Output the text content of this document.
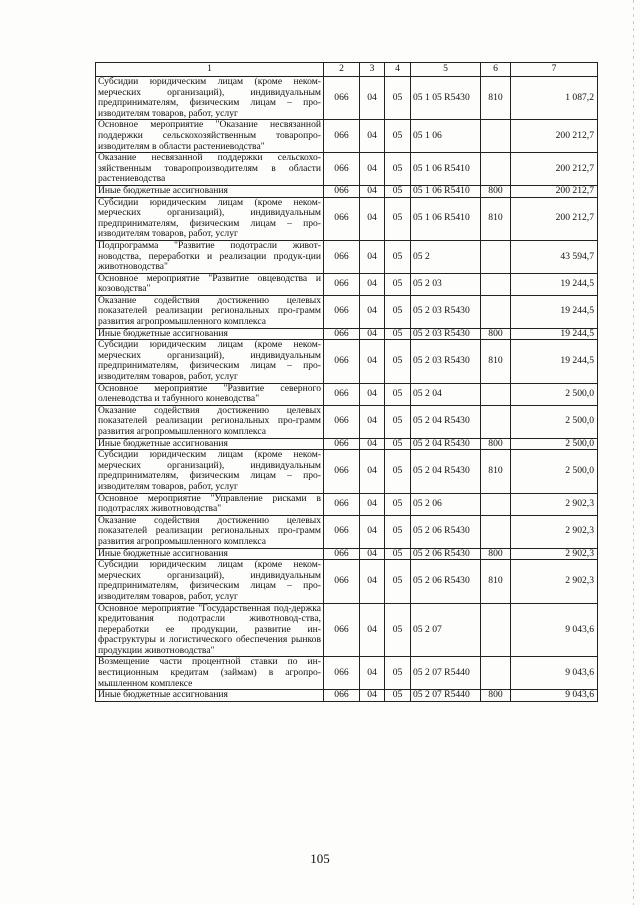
1	2	3	4	5	6	7
Субсидии юридическим лицам (кроме неком-мерческих организаций), индивидуальным предпринимателям, физическим лицам – про-изводителям товаров, работ, услуг	066	04	05	05 1 05 R5430	810	1 087,2
Основное мероприятие "Оказание несвязанной поддержки сельскохозяйственным товаропро-изводителям в области растениеводства"	066	04	05	05 1 06		200 212,7
Оказание несвязанной поддержки сельскохо-зяйственным товаропроизводителям в области растениеводства	066	04	05	05 1 06 R5410		200 212,7
Иные бюджетные ассигнования	066	04	05	05 1 06 R5410	800	200 212,7
Субсидии юридическим лицам (кроме неком-мерческих организаций), индивидуальным предпринимателям, физическим лицам – про-изводителям товаров, работ, услуг	066	04	05	05 1 06 R5410	810	200 212,7
Подпрограмма "Развитие подотрасли живот-новодства, переработки и реализации продук-ции животноводства"	066	04	05	05 2		43 594,7
Основное мероприятие "Развитие овцеводства и козоводства"	066	04	05	05 2 03		19 244,5
Оказание содействия достижению целевых показателей реализации региональных про-грамм развития агропромышленного комплекса	066	04	05	05 2 03 R5430		19 244,5
Иные бюджетные ассигнования	066	04	05	05 2 03 R5430	800	19 244,5
Субсидии юридическим лицам (кроме неком-мерческих организаций), индивидуальным предпринимателям, физическим лицам – про-изводителям товаров, работ, услуг	066	04	05	05 2 03 R5430	810	19 244,5
Основное мероприятие "Развитие северного оленеводства и табунного коневодства"	066	04	05	05 2 04		2 500,0
Оказание содействия достижению целевых показателей реализации региональных про-грамм развития агропромышленного комплекса	066	04	05	05 2 04 R5430		2 500,0
Иные бюджетные ассигнования	066	04	05	05 2 04 R5430	800	2 500,0
Субсидии юридическим лицам (кроме неком-мерческих организаций), индивидуальным предпринимателям, физическим лицам – про-изводителям товаров, работ, услуг	066	04	05	05 2 04 R5430	810	2 500,0
Основное мероприятие "Управление рисками в подотраслях животноводства"	066	04	05	05 2 06		2 902,3
Оказание содействия достижению целевых показателей реализации региональных про-грамм развития агропромышленного комплекса	066	04	05	05 2 06 R5430		2 902,3
Иные бюджетные ассигнования	066	04	05	05 2 06 R5430	800	2 902,3
Субсидии юридическим лицам (кроме неком-мерческих организаций), индивидуальным предпринимателям, физическим лицам – про-изводителям товаров, работ, услуг	066	04	05	05 2 06 R5430	810	2 902,3
Основное мероприятие "Государственная под-держка кредитования подотрасли животновод-ства, переработки ее продукции, развитие ин-фраструктуры и логистического обеспечения рынков продукции животноводства"	066	04	05	05 2 07		9 043,6
Возмещение части процентной ставки по ин-вестиционным кредитам (займам) в агропро-мышленном комплексе	066	04	05	05 2 07 R5440		9 043,6
Иные бюджетные ассигнования	066	04	05	05 2 07 R5440	800	9 043,6
105
